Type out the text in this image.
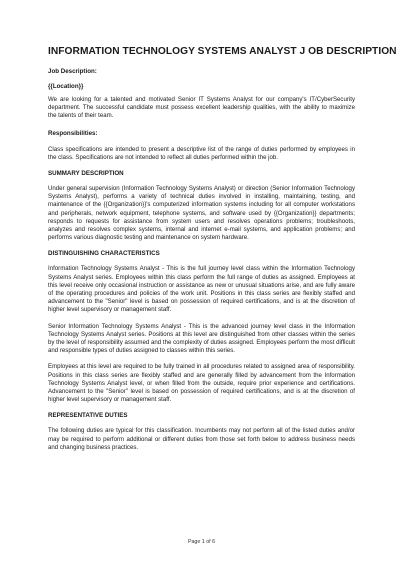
INFORMATION TECHNOLOGY SYSTEMS ANALYST J OB DESCRIPTION

Job Description:

{{Location}}

We are looking for a talented and motivated Senior IT Systems Analyst for our company's IT/CyberSecurity department. The successful candidate must possess excellent leadership qualities, with the ability to maximize the talents of their team.

Responsibilities:

Class specifications are intended to present a descriptive list of the range of duties performed by employees in the class. Specifications are not intended to reflect all duties performed within the job.

SUMMARY DESCRIPTION

Under general supervision (Information Technology Systems Analyst) or direction (Senior Information Technology Systems Analyst), performs a variety of technical duties involved in installing, maintaining, testing, and maintenance of the {{Organization}}'s computerized information systems including for all computer workstations and peripherals, network equipment, telephone systems, and software used by {{Organization}} departments; responds to requests for assistance from system users and resolves operations problems; troubleshoots, analyzes and resolves complex systems, internal and internet e-mail systems, and application problems; and performs various diagnostic testing and maintenance on system hardware.

DISTINGUISHING CHARACTERISTICS

Information Technology Systems Analyst - This is the full journey level class within the Information Technology Systems Analyst series. Employees within this class perform the full range of duties as assigned. Employees at this level receive only occasional instruction or assistance as new or unusual situations arise, and are fully aware of the operating procedures and policies of the work unit. Positions in this class series are flexibly staffed and advancement to the "Senior" level is based on possession of required certifications, and is at the discretion of higher level supervisory or management staff.

Senior Information Technology Systems Analyst - This is the advanced journey level class in the Information Technology Systems Analyst series. Positions at this level are distinguished from other classes within the series by the level of responsibility assumed and the complexity of duties assigned. Employees perform the most difficult and responsible types of duties assigned to classes within this series.

Employees at this level are required to be fully trained in all procedures related to assigned area of responsibility. Positions in this class series are flexibly staffed and are generally filled by advancement from the Information Technology Systems Analyst level, or when filled from the outside, require prior experience and certifications. Advancement to the "Senior" level is based on possession of required certifications, and is at the discretion of higher level supervisory or management staff.

REPRESENTATIVE DUTIES

The following duties are typical for this classification. Incumbents may not perform all of the listed duties and/or may be required to perform additional or different duties from those set forth below to address business needs and changing business practices.

Page 1 of 6
